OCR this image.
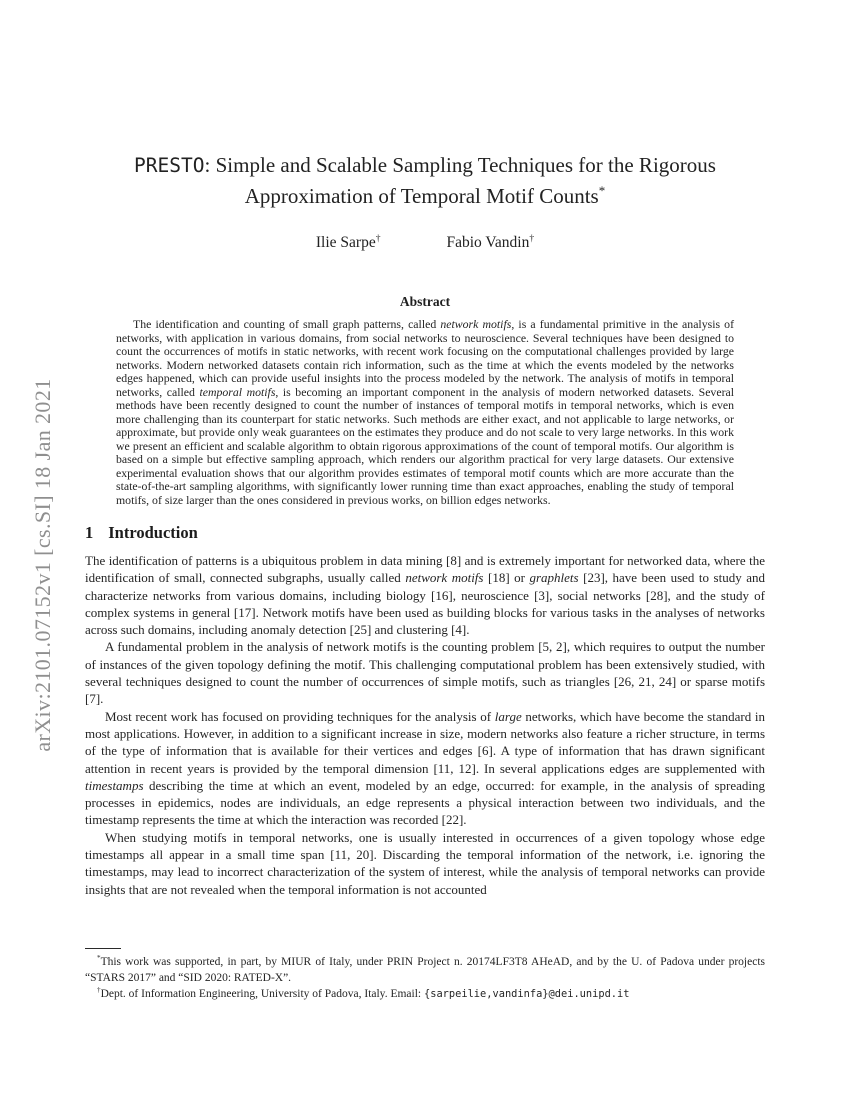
arXiv:2101.07152v1 [cs.SI] 18 Jan 2021
PRESTO: Simple and Scalable Sampling Techniques for the Rigorous
Approximation of Temporal Motif Counts*
Ilie Sarpe†	Fabio Vandin†
Abstract
The identification and counting of small graph patterns, called network motifs, is a fundamental primitive in the analysis of networks, with application in various domains, from social networks to neuroscience. Several techniques have been designed to count the occurrences of motifs in static networks, with recent work focusing on the computational challenges provided by large networks. Modern networked datasets contain rich information, such as the time at which the events modeled by the networks edges happened, which can provide useful insights into the process modeled by the network. The analysis of motifs in temporal networks, called temporal motifs, is becoming an important component in the analysis of modern networked datasets. Several methods have been recently designed to count the number of instances of temporal motifs in temporal networks, which is even more challenging than its counterpart for static networks. Such methods are either exact, and not applicable to large networks, or approximate, but provide only weak guarantees on the estimates they produce and do not scale to very large networks. In this work we present an efficient and scalable algorithm to obtain rigorous approximations of the count of temporal motifs. Our algorithm is based on a simple but effective sampling approach, which renders our algorithm practical for very large datasets. Our extensive experimental evaluation shows that our algorithm provides estimates of temporal motif counts which are more accurate than the state-of-the-art sampling algorithms, with significantly lower running time than exact approaches, enabling the study of temporal motifs, of size larger than the ones considered in previous works, on billion edges networks.
1 Introduction

The identification of patterns is a ubiquitous problem in data mining [8] and is extremely important for networked data, where the identification of small, connected subgraphs, usually called network motifs [18] or graphlets [23], have been used to study and characterize networks from various domains, including biology [16], neuroscience [3], social networks [28], and the study of complex systems in general [17]. Network motifs have been used as building blocks for various tasks in the analyses of networks across such domains, including anomaly detection [25] and clustering [4].

A fundamental problem in the analysis of network motifs is the counting problem [5, 2], which requires to output the number of instances of the given topology defining the motif. This challenging computational problem has been extensively studied, with several techniques designed to count the number of occurrences of simple motifs, such as triangles [26, 21, 24] or sparse motifs [7].

Most recent work has focused on providing techniques for the analysis of large networks, which have become the standard in most applications. However, in addition to a significant increase in size, modern networks also feature a richer structure, in terms of the type of information that is available for their vertices and edges [6]. A type of information that has drawn significant attention in recent years is provided by the temporal dimension [11, 12]. In several applications edges are supplemented with timestamps describing the time at which an event, modeled by an edge, occurred: for example, in the analysis of spreading processes in epidemics, nodes are individuals, an edge represents a physical interaction between two individuals, and the timestamp represents the time at which the interaction was recorded [22].

When studying motifs in temporal networks, one is usually interested in occurrences of a given topology whose edge timestamps all appear in a small time span [11, 20]. Discarding the temporal information of the network, i.e. ignoring the timestamps, may lead to incorrect characterization of the system of interest, while the analysis of temporal networks can provide insights that are not revealed when the temporal information is not accounted

*This work was supported, in part, by MIUR of Italy, under PRIN Project n. 20174LF3T8 AHeAD, and by the U. of Padova under projects “STARS 2017” and “SID 2020: RATED-X”.
†Dept. of Information Engineering, University of Padova, Italy. Email: {sarpeilie,vandinfa}@dei.unipd.it
